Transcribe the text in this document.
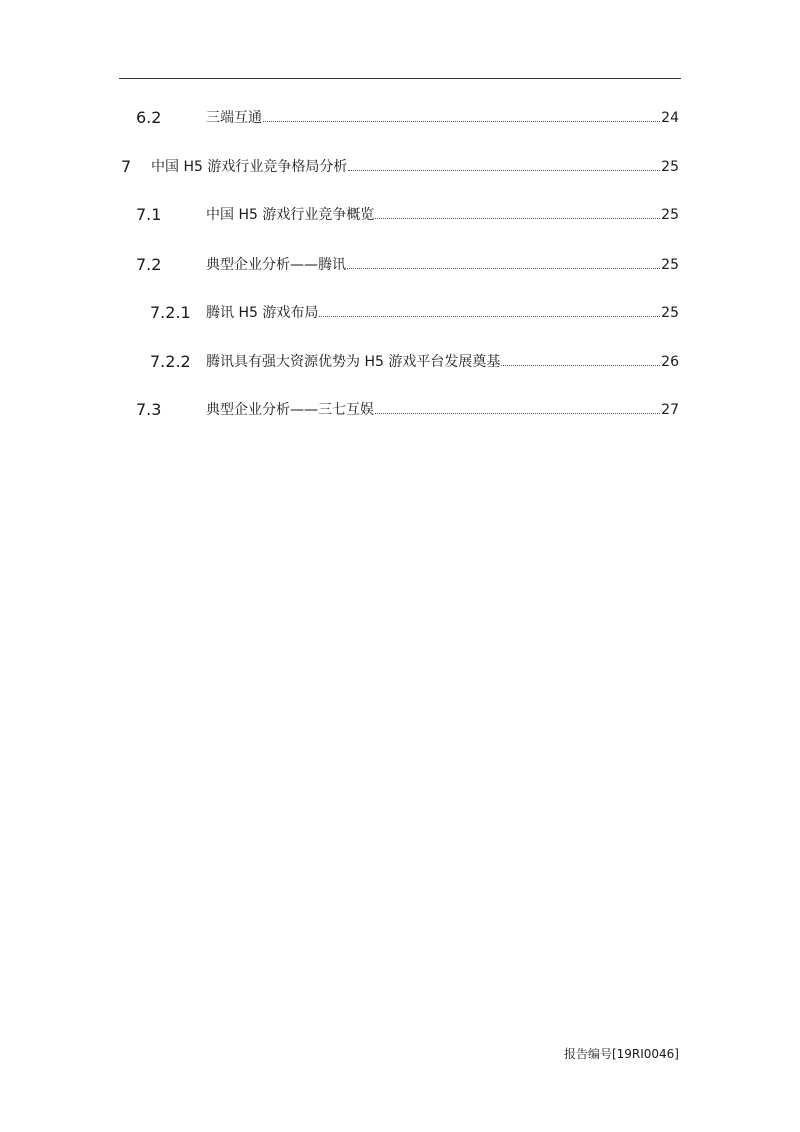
6.2	三端互通	24
7 中国 H5 游戏行业竞争格局分析	25
7.1	中国 H5 游戏行业竞争概览	25
7.2	典型企业分析——腾讯	25
7.2.1 腾讯 H5 游戏布局	25
7.2.2 腾讯具有强大资源优势为 H5 游戏平台发展奠基	26
7.3	典型企业分析——三七互娱	27
报告编号[19RI0046]
